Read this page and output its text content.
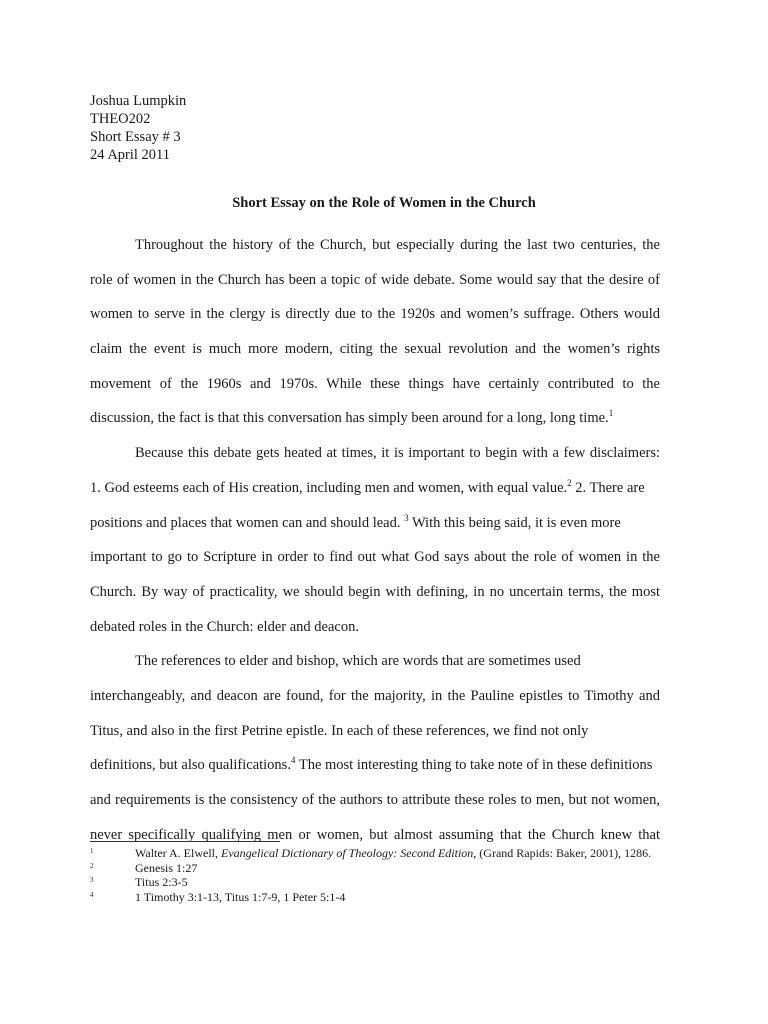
Joshua Lumpkin
THEO202
Short Essay # 3
24 April 2011
Short Essay on the Role of Women in the Church
Throughout the history of the Church, but especially during the last two centuries, the
role of women in the Church has been a topic of wide debate. Some would say that the desire of
women to serve in the clergy is directly due to the 1920s and women’s suffrage. Others would
claim the event is much more modern, citing the sexual revolution and the women’s rights
movement of the 1960s and 1970s. While these things have certainly contributed to the
discussion, the fact is that this conversation has simply been around for a long, long time.$^1$
Because this debate gets heated at times, it is important to begin with a few disclaimers:
1. God esteems each of His creation, including men and women, with equal value.$^2$ 2. There are
positions and places that women can and should lead. $^3$ With this being said, it is even more
important to go to Scripture in order to find out what God says about the role of women in the
Church. By way of practicality, we should begin with defining, in no uncertain terms, the most
debated roles in the Church: elder and deacon.
The references to elder and bishop, which are words that are sometimes used
interchangeably, and deacon are found, for the majority, in the Pauline epistles to Timothy and
Titus, and also in the first Petrine epistle. In each of these references, we find not only
definitions, but also qualifications.$^4$ The most interesting thing to take note of in these definitions
and requirements is the consistency of the authors to attribute these roles to men, but not women,
never specifically qualifying men or women, but almost assuming that the Church knew that
1	Walter A. Elwell, Evangelical Dictionary of Theology: Second Edition, (Grand Rapids: Baker, 2001), 1286.
2	Genesis 1:27
3	Titus 2:3-5
4	1 Timothy 3:1-13, Titus 1:7-9, 1 Peter 5:1-4
